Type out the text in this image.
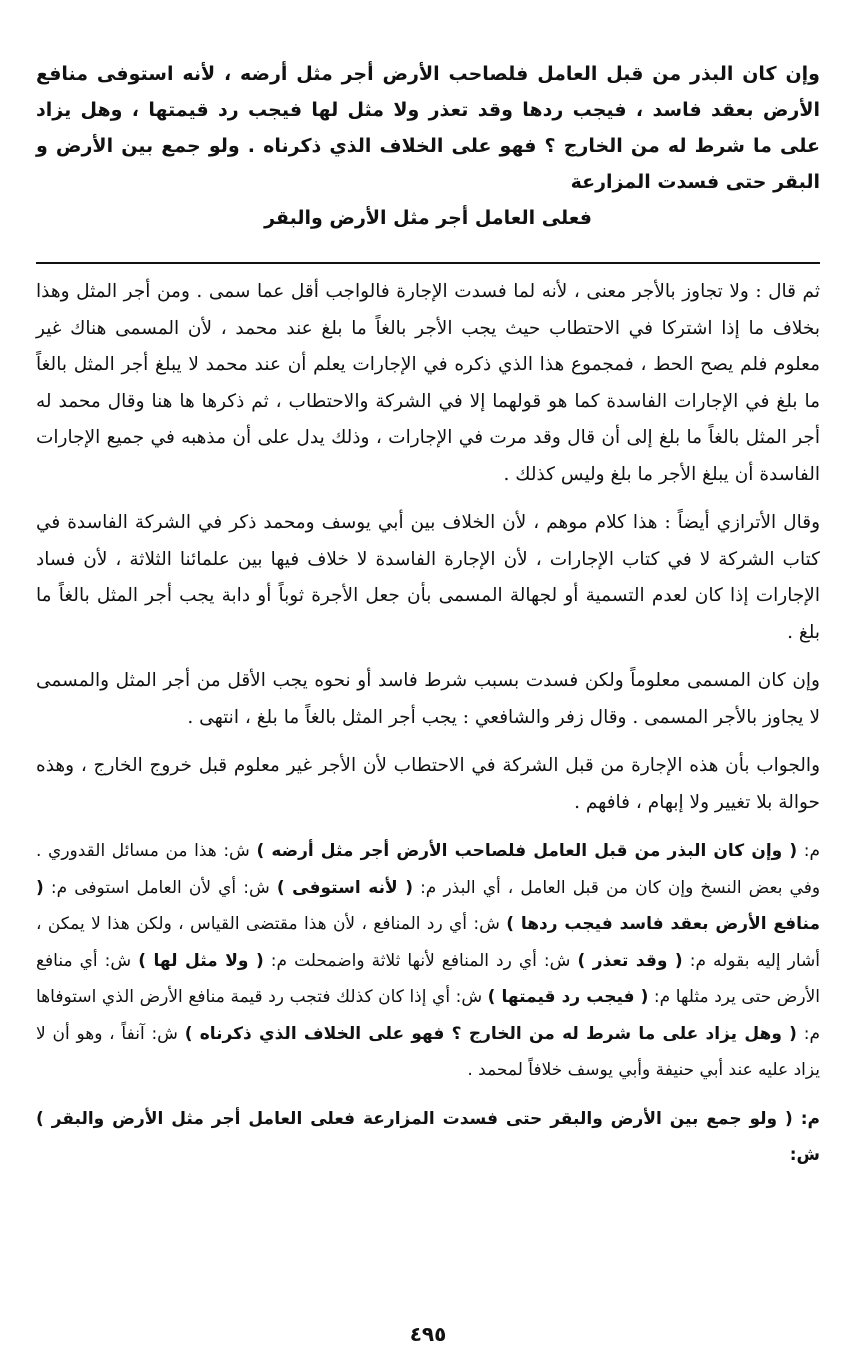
وإن كان البذر من قبل العامل فلصاحب الأرض أجر مثل أرضه ، لأنه استوفى منافع الأرض بعقد فاسد ، فيجب ردها وقد تعذر ولا مثل لها فيجب رد قيمتها ، وهل يزاد على ما شرط له من الخارج ؟ فهو على الخلاف الذي ذكرناه . ولو جمع بين الأرض و البقر حتى فسدت المزارعة
فعلى العامل أجر مثل الأرض والبقر

ثم قال : ولا تجاوز بالأجر معنى ، لأنه لما فسدت الإجارة فالواجب أقل عما سمى . ومن أجر المثل وهذا بخلاف ما إذا اشتركا في الاحتطاب حيث يجب الأجر بالغاً ما بلغ عند محمد ، لأن المسمى هناك غير معلوم فلم يصح الحط ، فمجموع هذا الذي ذكره في الإجارات يعلم أن عند محمد لا يبلغ أجر المثل بالغاً ما بلغ في الإجارات الفاسدة كما هو قولهما إلا في الشركة والاحتطاب ، ثم ذكرها ها هنا وقال محمد له أجر المثل بالغاً ما بلغ إلى أن قال وقد مرت في الإجارات ، وذلك يدل على أن مذهبه في جميع الإجارات الفاسدة أن يبلغ الأجر ما بلغ وليس كذلك .

وقال الأترازي أيضاً : هذا كلام موهم ، لأن الخلاف بين أبي يوسف ومحمد ذكر في الشركة الفاسدة في كتاب الشركة لا في كتاب الإجارات ، لأن الإجارة الفاسدة لا خلاف فيها بين علمائنا الثلاثة ، لأن فساد الإجارات إذا كان لعدم التسمية أو لجهالة المسمى بأن جعل الأجرة ثوباً أو دابة يجب أجر المثل بالغاً ما بلغ .

وإن كان المسمى معلوماً ولكن فسدت بسبب شرط فاسد أو نحوه يجب الأقل من أجر المثل والمسمى لا يجاوز بالأجر المسمى . وقال زفر والشافعي : يجب أجر المثل بالغاً ما بلغ ، انتهى .

والجواب بأن هذه الإجارة من قبل الشركة في الاحتطاب لأن الأجر غير معلوم قبل خروج الخارج ، وهذه حوالة بلا تغيير ولا إبهام ، فافهم .

م: ( وإن كان البذر من قبل العامل فلصاحب الأرض أجر مثل أرضه ) ش: هذا من مسائل القدوري . وفي بعض النسخ وإن كان من قبل العامل ، أي البذر م: ( لأنه استوفى ) ش: أي لأن العامل استوفى م: ( منافع الأرض بعقد فاسد فيجب ردها ) ش: أي رد المنافع ، لأن هذا مقتضى القياس ، ولكن هذا لا يمكن ، أشار إليه بقوله م: ( وقد تعذر ) ش: أي رد المنافع لأنها ثلاثة واضمحلت م: ( ولا مثل لها ) ش: أي منافع الأرض حتى يرد مثلها م: ( فيجب رد قيمتها ) ش: أي إذا كان كذلك فتجب رد قيمة منافع الأرض الذي استوفاها م: ( وهل يزاد على ما شرط له من الخارج ؟ فهو على الخلاف الذي ذكرناه ) ش: آنفاً ، وهو أن لا يزاد عليه عند أبي حنيفة وأبي يوسف خلافاً لمحمد .

م: ( ولو جمع بين الأرض والبقر حتى فسدت المزارعة فعلى العامل أجر مثل الأرض والبقر ) ش:

٤٩٥
